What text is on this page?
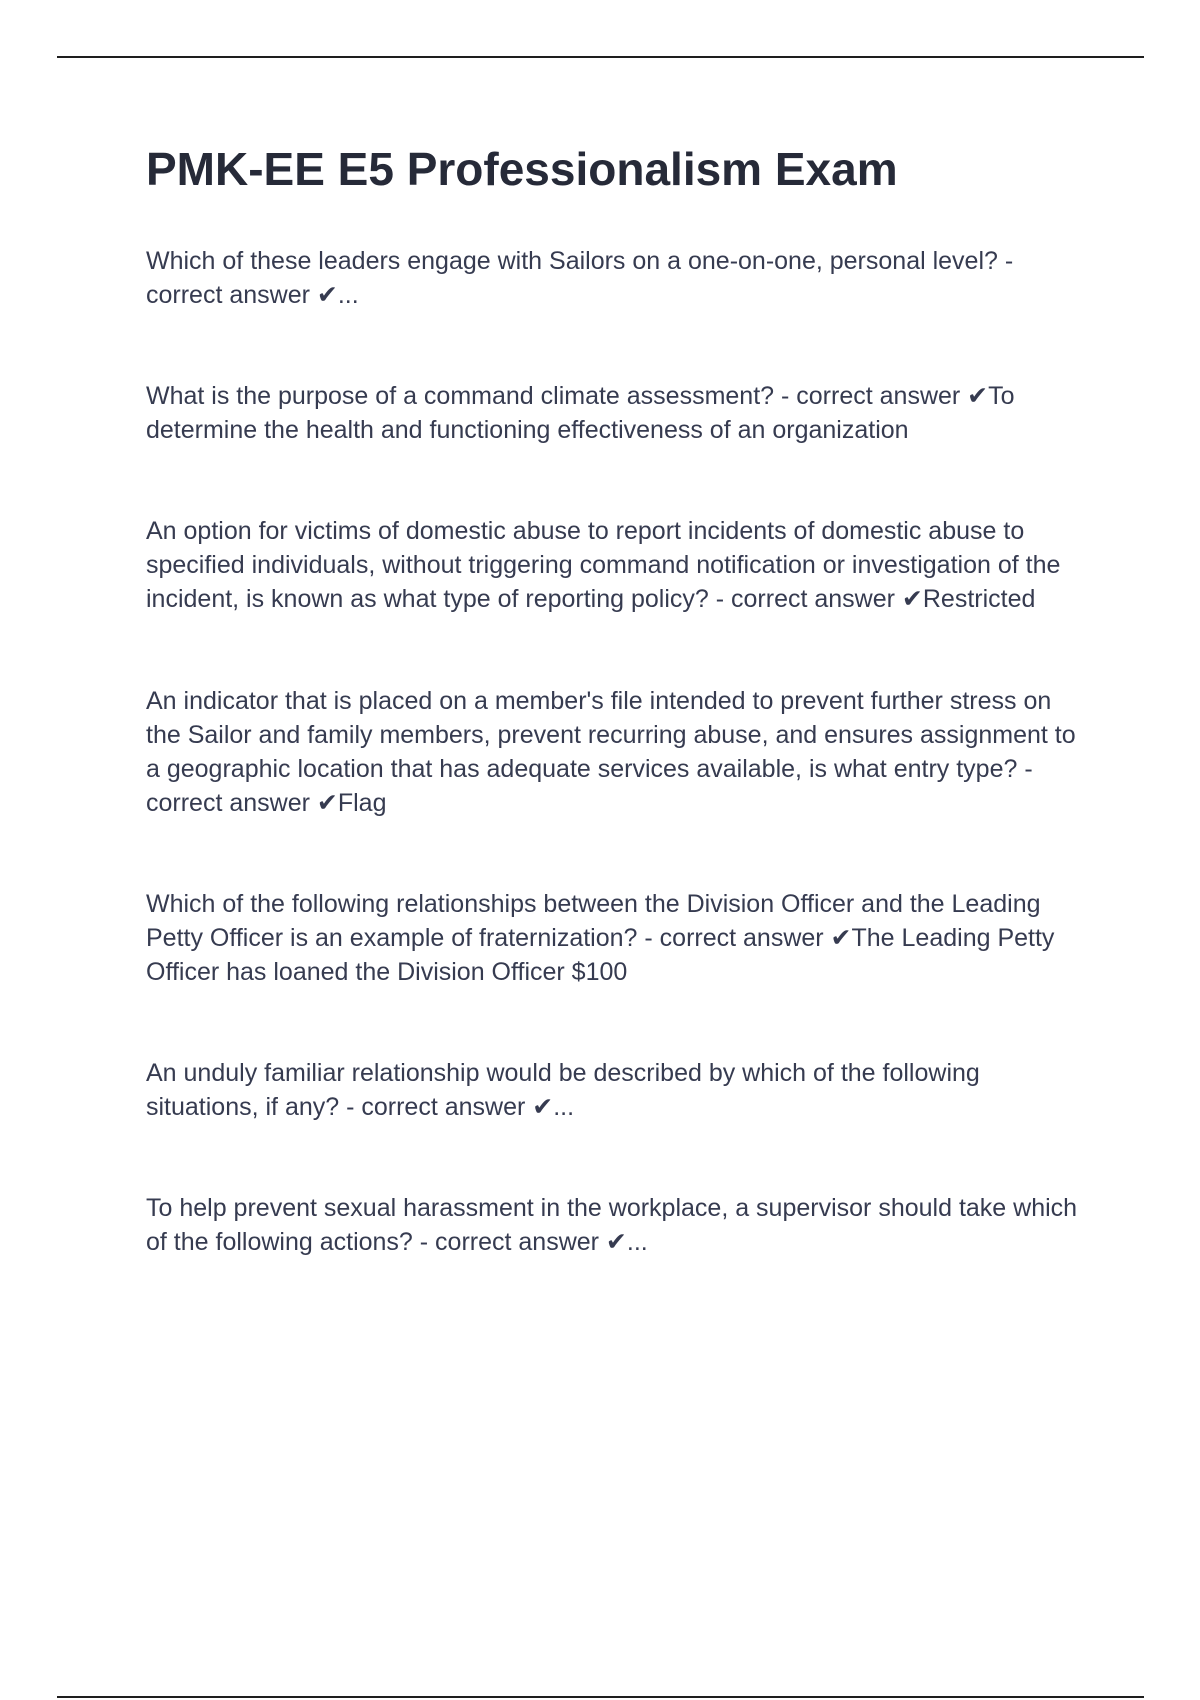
PMK-EE E5 Professionalism Exam
Which of these leaders engage with Sailors on a one-on-one, personal level? - correct answer ✔...
What is the purpose of a command climate assessment? - correct answer ✔To determine the health and functioning effectiveness of an organization
An option for victims of domestic abuse to report incidents of domestic abuse to specified individuals, without triggering command notification or investigation of the incident, is known as what type of reporting policy? - correct answer ✔Restricted
An indicator that is placed on a member's file intended to prevent further stress on the Sailor and family members, prevent recurring abuse, and ensures assignment to a geographic location that has adequate services available, is what entry type? - correct answer ✔Flag
Which of the following relationships between the Division Officer and the Leading Petty Officer is an example of fraternization? - correct answer ✔The Leading Petty Officer has loaned the Division Officer $100
An unduly familiar relationship would be described by which of the following situations, if any? - correct answer ✔...
To help prevent sexual harassment in the workplace, a supervisor should take which of the following actions? - correct answer ✔...
